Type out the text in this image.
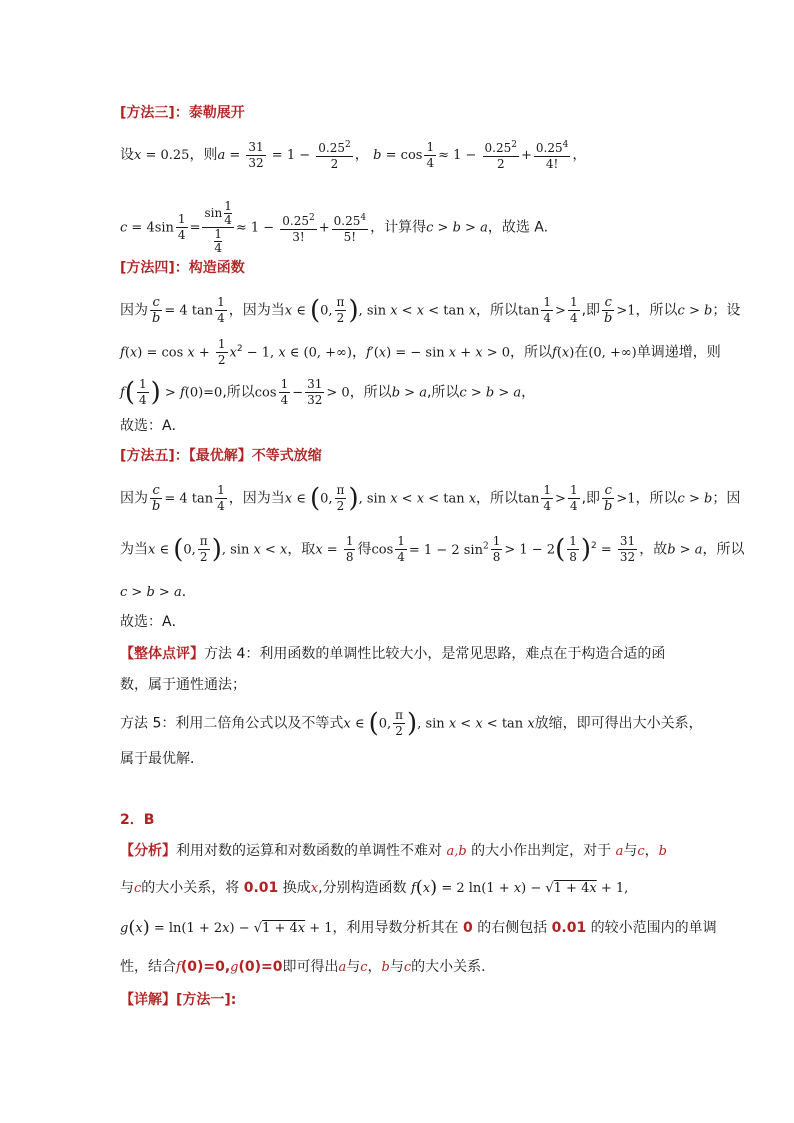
[方法三]：泰勒展开
设x = 0.25，则$a = \frac{31}{32} = 1 - \frac{0.25^2}{2}$ ， $b = \cos \frac{1}{4} \approx 1 - \frac{0.25^2}{2} + \frac{0.25^4}{4!}$ ，
$c = 4\sin \frac{1}{4} = \frac{\sin \frac{1}{4}}{\frac{1}{4}} \approx 1 - \frac{0.25^2}{3!} + \frac{0.25^4}{5!}$ ，计算得c > b > a，故选 A.
[方法四]：构造函数
因为 $\frac{c}{b} = 4$ $\tan \frac{1}{4}$ ，因为当x ∈ (0, $\frac{\pi}{2}$ ), sin x < x < tan x，所以$\tan \frac{1}{4} > \frac{1}{4}$ ,即 $\frac{c}{b} >1$，所以c > b；设
$f(x) = \cos x + \frac{1}{2} x^2 - 1$, x ∈ (0, +∞)，f′(x) = − sin x + x > 0，所以f(x)在(0, +∞)单调递增，则
$f( \frac{1}{4}$ ) > f(0)=0,所以$\cos \frac{1}{4} - \frac{31}{32} > 0$，所以b > a,所以c > b > a，
故选：A．
[方法五]：【最优解】不等式放缩
因为 $\frac{c}{b} = 4$ $\tan \frac{1}{4}$ ，因为当x ∈ (0, $\frac{\pi}{2}$ ), sin x < x < tan x，所以$\tan \frac{1}{4} > \frac{1}{4}$ ,即 $\frac{c}{b} >1$，所以c > b；因
为当x ∈ (0, $\frac{\pi}{2}$ ), sin x < x，取$x = \frac{1}{8}$ 得$\cos \frac{1}{4} = 1 - 2$ $\sin^2 \frac{1}{8} > 1 - 2( \frac{1}{8} )^2 = \frac{31}{32}$ ，故b > a，所以
c > b > a．
故选：A．
【整体点评】方法 4：利用函数的单调性比较大小，是常见思路，难点在于构造合适的函
数，属于通性通法；
方法 5：利用二倍角公式以及不等式x ∈ (0, $\frac{\pi}{2}$ ), sin x < x < tan x放缩，即可得出大小关系，
属于最优解．
2．B
【分析】利用对数的运算和对数函数的单调性不难对 a,b 的大小作出判定，对于 a与c，b
与c的大小关系，将 0.01 换成x,分别构造函数 f(x) = 2 $\ln(1 + x) - √1 + 4\overline{x} + 1$,
$g(x) = \ln(1 + 2x) - √1 + 4\overline{x} + 1$，利用导数分析其在 0 的右侧包括 0.01 的较小范围内的单调
性，结合f(0)=0,g(0)=0即可得出a与c，b与c的大小关系.
【详解】[方法一]:
